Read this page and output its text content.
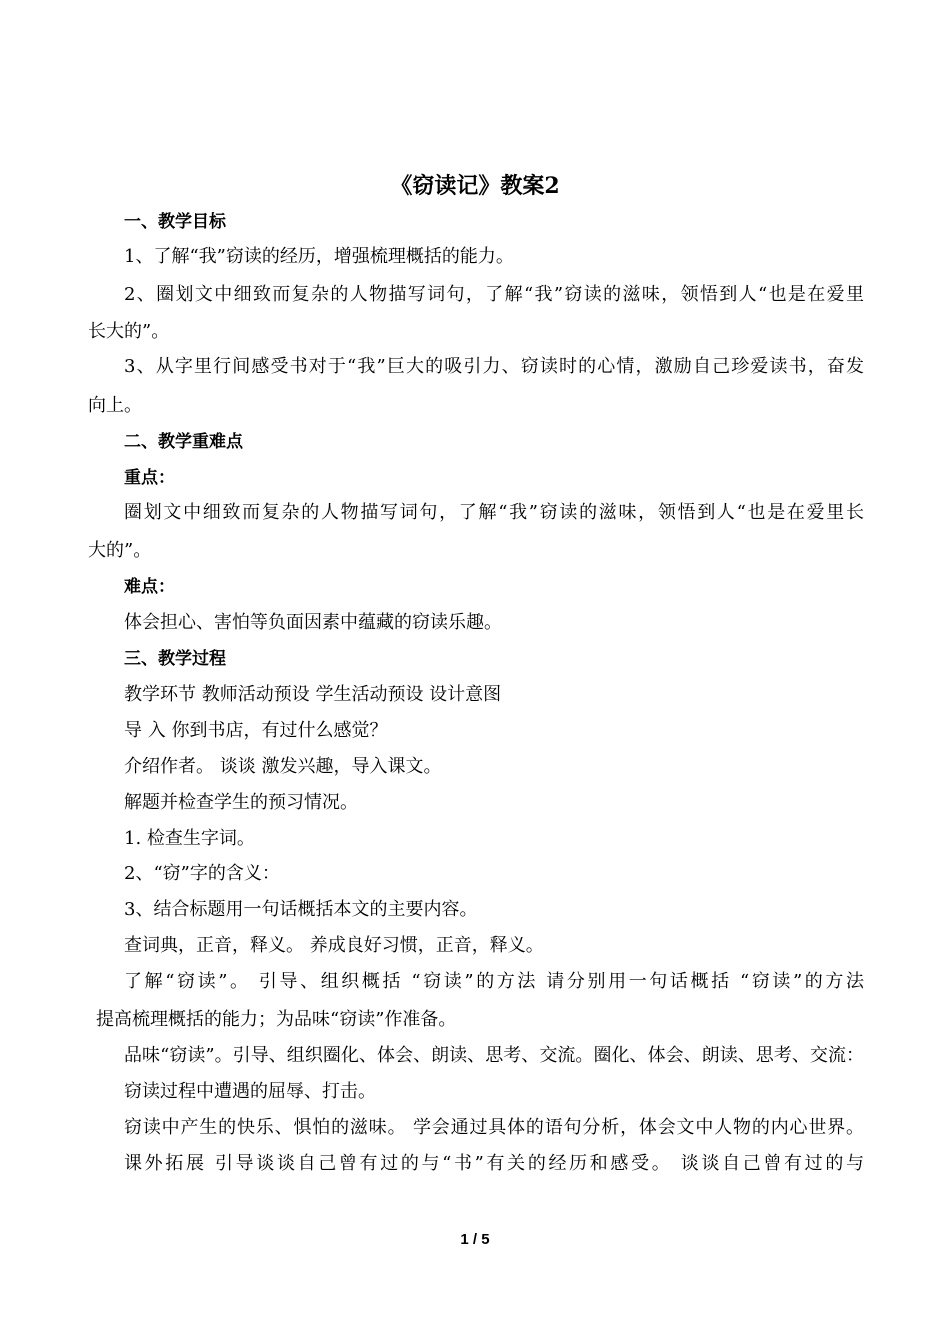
《窃读记》教案2
一、教学目标
1、了解“我”窃读的经历，增强梳理概括的能力。
2、圈划文中细致而复杂的人物描写词句，了解“我”窃读的滋味，领悟到人“也是在爱里
长大的”。
3、从字里行间感受书对于“我”巨大的吸引力、窃读时的心情，激励自己珍爱读书，奋发
向上。
二、教学重难点
重点：
圈划文中细致而复杂的人物描写词句，了解“我”窃读的滋味，领悟到人“也是在爱里长
大的”。
难点：
体会担心、害怕等负面因素中蕴藏的窃读乐趣。
三、教学过程
教学环节 教师活动预设 学生活动预设 设计意图
导 入 你到书店，有过什么感觉？
介绍作者。 谈谈 激发兴趣，导入课文。
解题并检查学生的预习情况。
1. 检查生字词。
2、“窃”字的含义：
3、结合标题用一句话概括本文的主要内容。
查词典，正音，释义。 养成良好习惯，正音，释义。
了解“窃读”。 引导、组织概括 “窃读”的方法 请分别用一句话概括 “窃读”的方法
提高梳理概括的能力；为品味“窃读”作准备。
品味“窃读”。引导、组织圈化、体会、朗读、思考、交流。圈化、体会、朗读、思考、交流：
窃读过程中遭遇的屈辱、打击。
窃读中产生的快乐、惧怕的滋味。 学会通过具体的语句分析，体会文中人物的内心世界。
课外拓展 引导谈谈自己曾有过的与“书”有关的经历和感受。 谈谈自己曾有过的与
1 / 5
